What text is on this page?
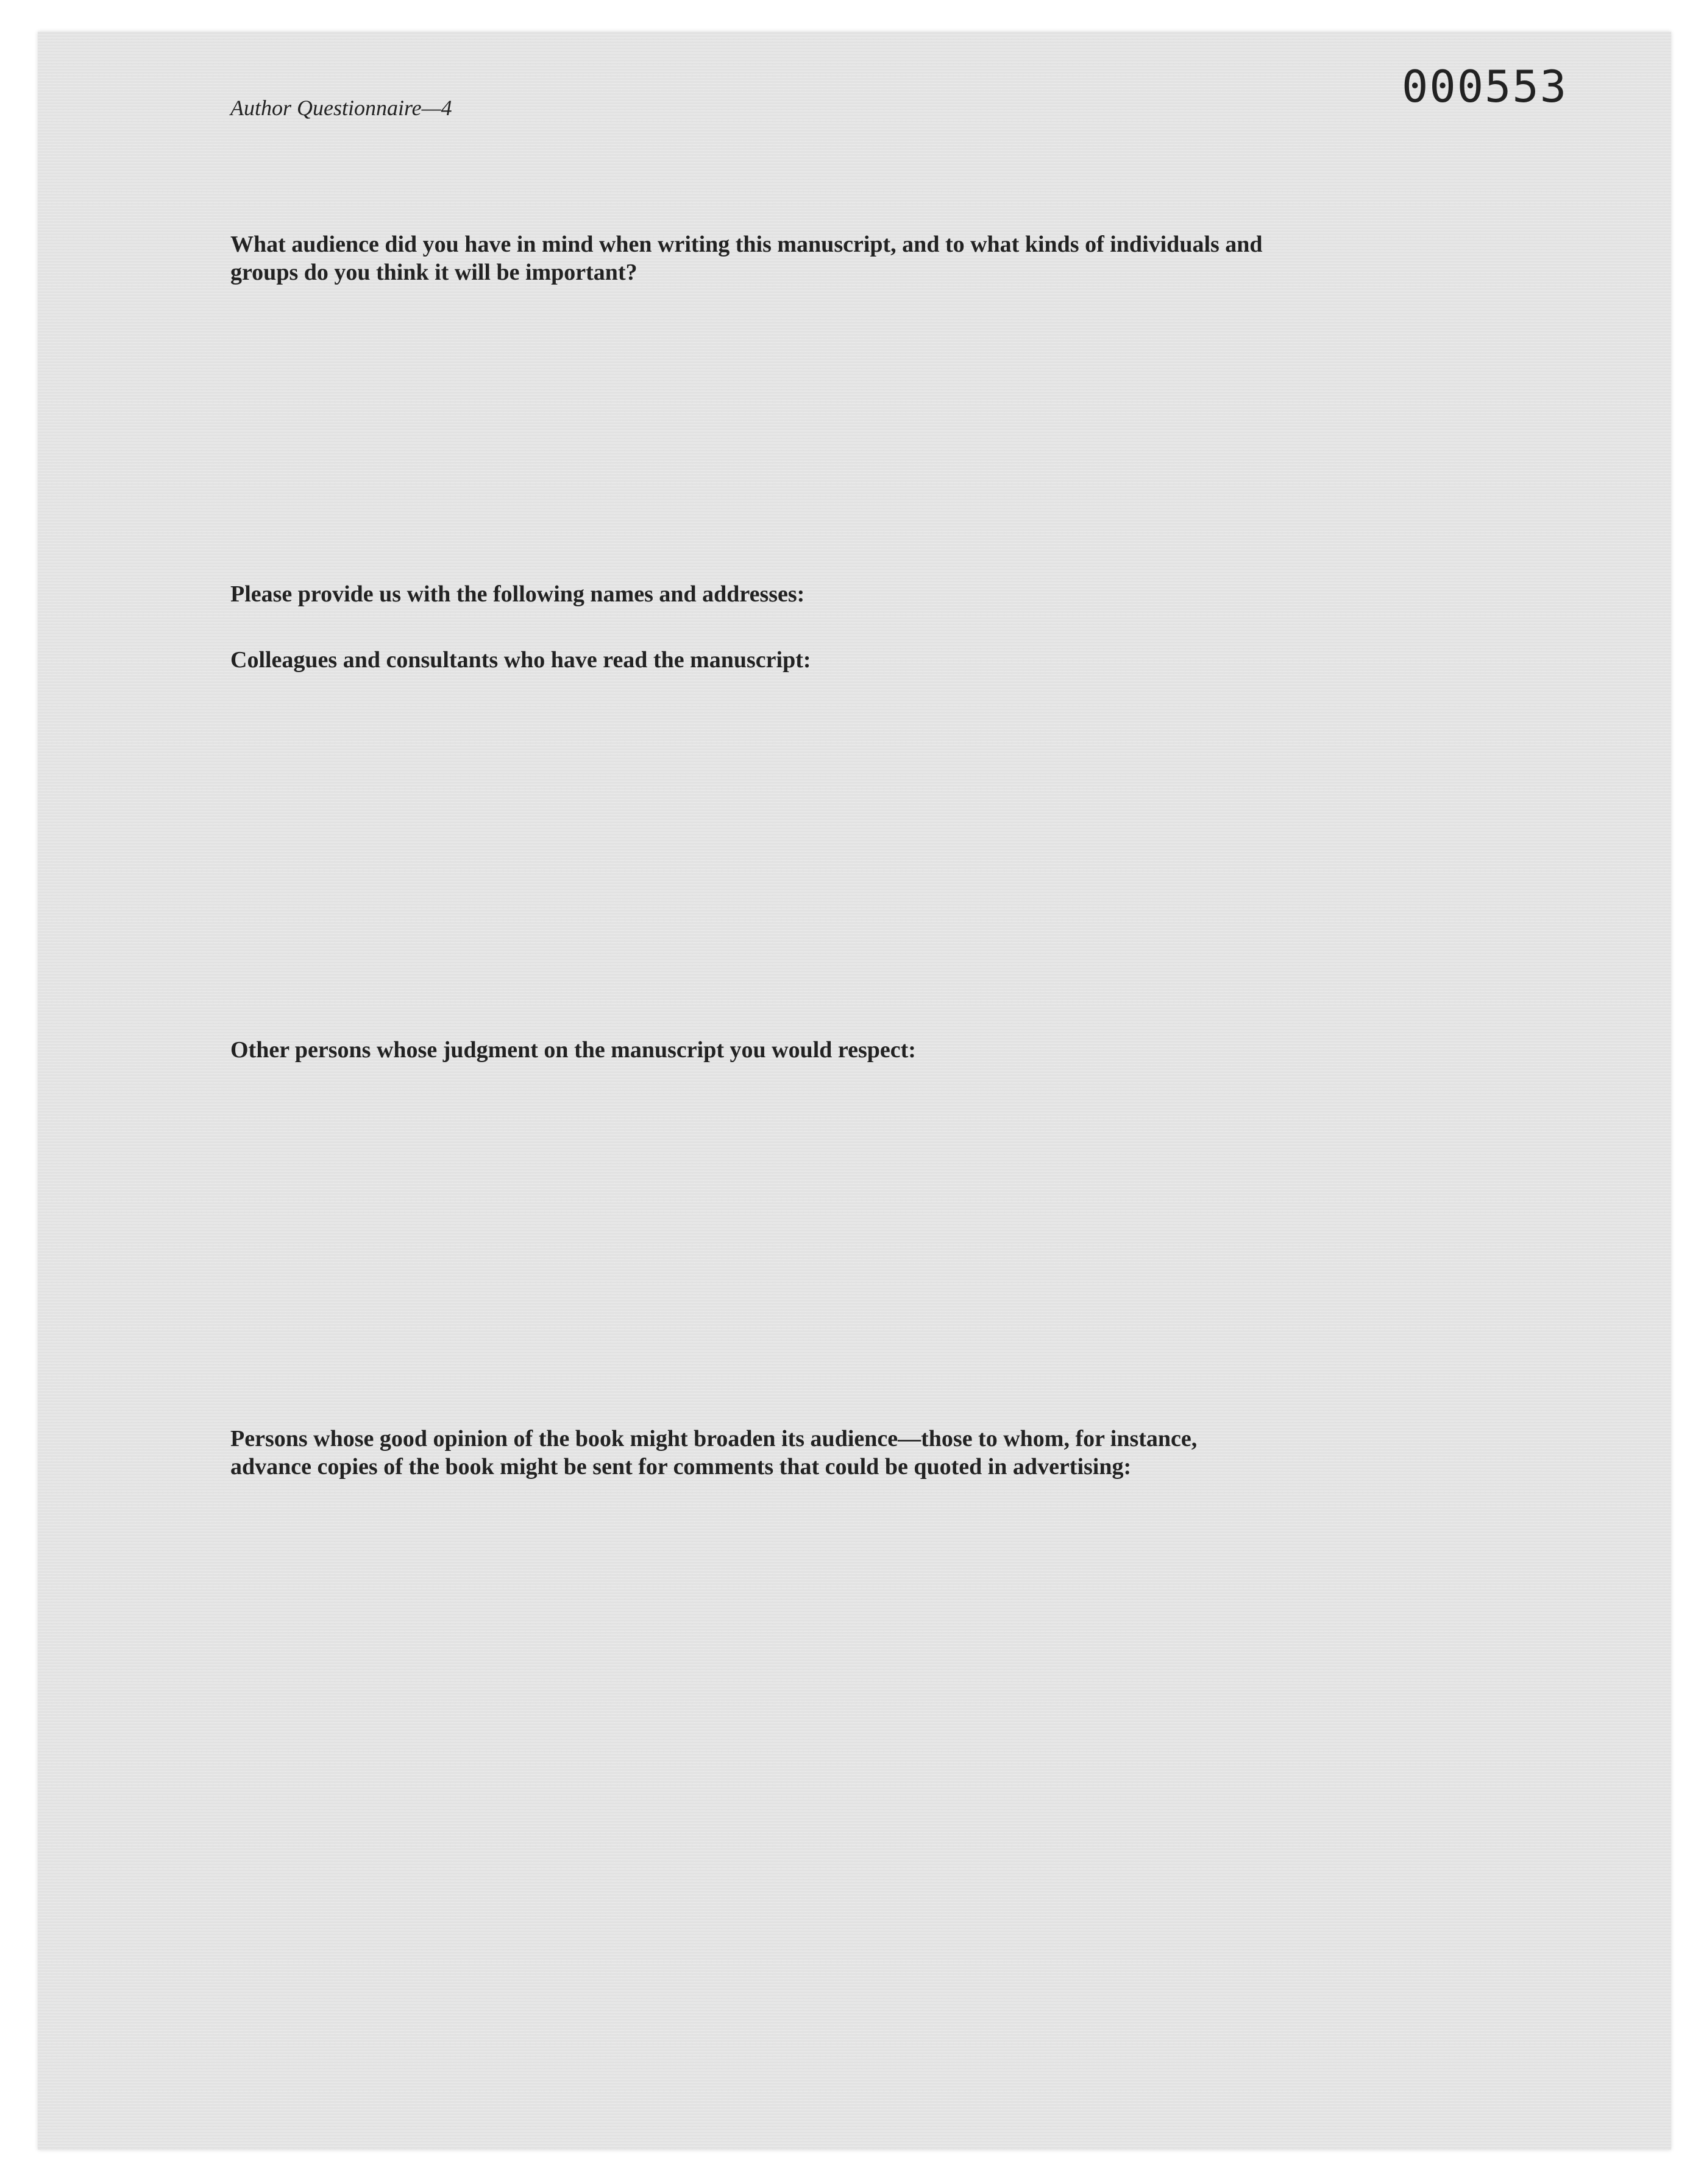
000553
Author Questionnaire—4
What audience did you have in mind when writing this manuscript, and to what kinds of individuals and
groups do you think it will be important?
Please provide us with the following names and addresses:
Colleagues and consultants who have read the manuscript:
Other persons whose judgment on the manuscript you would respect:
Persons whose good opinion of the book might broaden its audience—those to whom, for instance,
advance copies of the book might be sent for comments that could be quoted in advertising:
